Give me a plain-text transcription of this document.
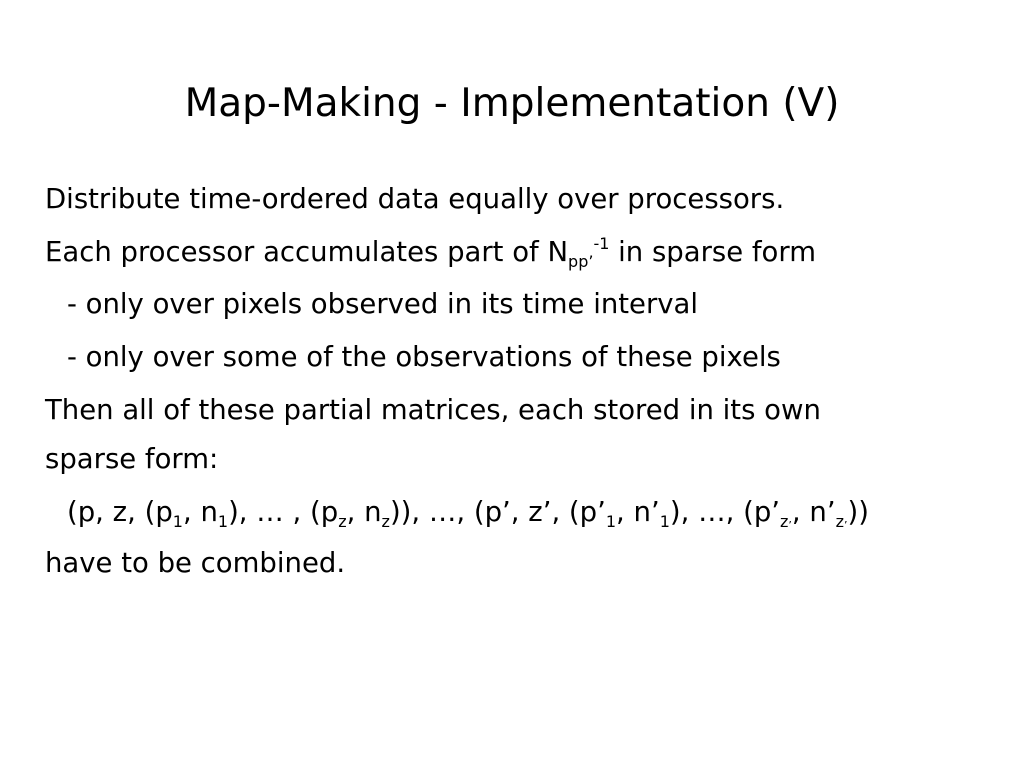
Map-Making - Implementation (V)
Distribute time-ordered data equally over processors.
Each processor accumulates part of $N_{pp’}^{-1}$ in sparse form
- only over pixels observed in its time interval
- only over some of the observations of these pixels
Then all of these partial matrices, each stored in its own
sparse form:
(p, z, ($p_1$, $n_1$), … , ($p_z$, $n_z$)), …, (p’, z’, ($p’_1$, $n’_1$), …, ($p’_{z_’}$, $n’_{z_’}$))
have to be combined.
